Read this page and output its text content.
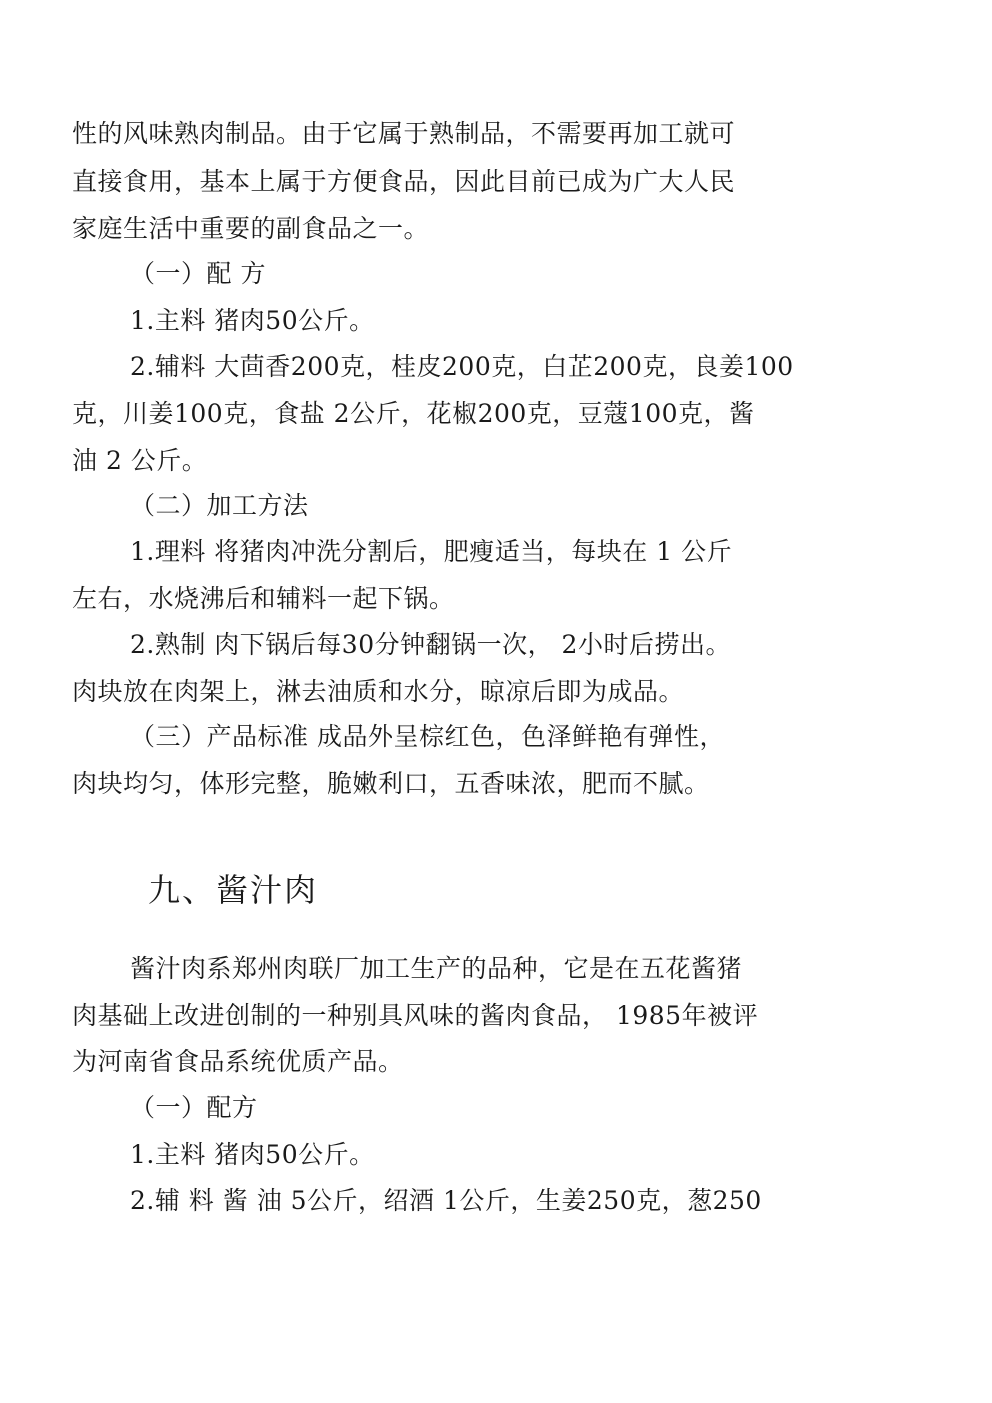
性的风味熟肉制品。由于它属于熟制品，不需要再加工就可
直接食用，基本上属于方便食品，因此目前已成为广大人民
家庭生活中重要的副食品之一。
（一）配 方
1.主料 猪肉50公斤。
2.辅料 大茴香200克，桂皮200克，白芷200克，良姜100
克，川姜100克，食盐 2公斤，花椒200克，豆蔻100克，酱
油 2 公斤。
（二）加工方法
1.理料 将猪肉冲洗分割后，肥瘦适当，每块在 1 公斤
左右，水烧沸后和辅料一起下锅。
2.熟制 肉下锅后每30分钟翻锅一次， 2小时后捞出。
肉块放在肉架上，淋去油质和水分，晾凉后即为成品。
（三）产品标准 成品外呈棕红色，色泽鲜艳有弹性，
肉块均匀，体形完整，脆嫩利口，五香味浓，肥而不腻。
九、酱汁肉
酱汁肉系郑州肉联厂加工生产的品种，它是在五花酱猪
肉基础上改进创制的一种别具风味的酱肉食品， 1985年被评
为河南省食品系统优质产品。
（一）配方
1.主料 猪肉50公斤。
2.辅 料 酱 油 5公斤，绍酒 1公斤，生姜250克，葱250
